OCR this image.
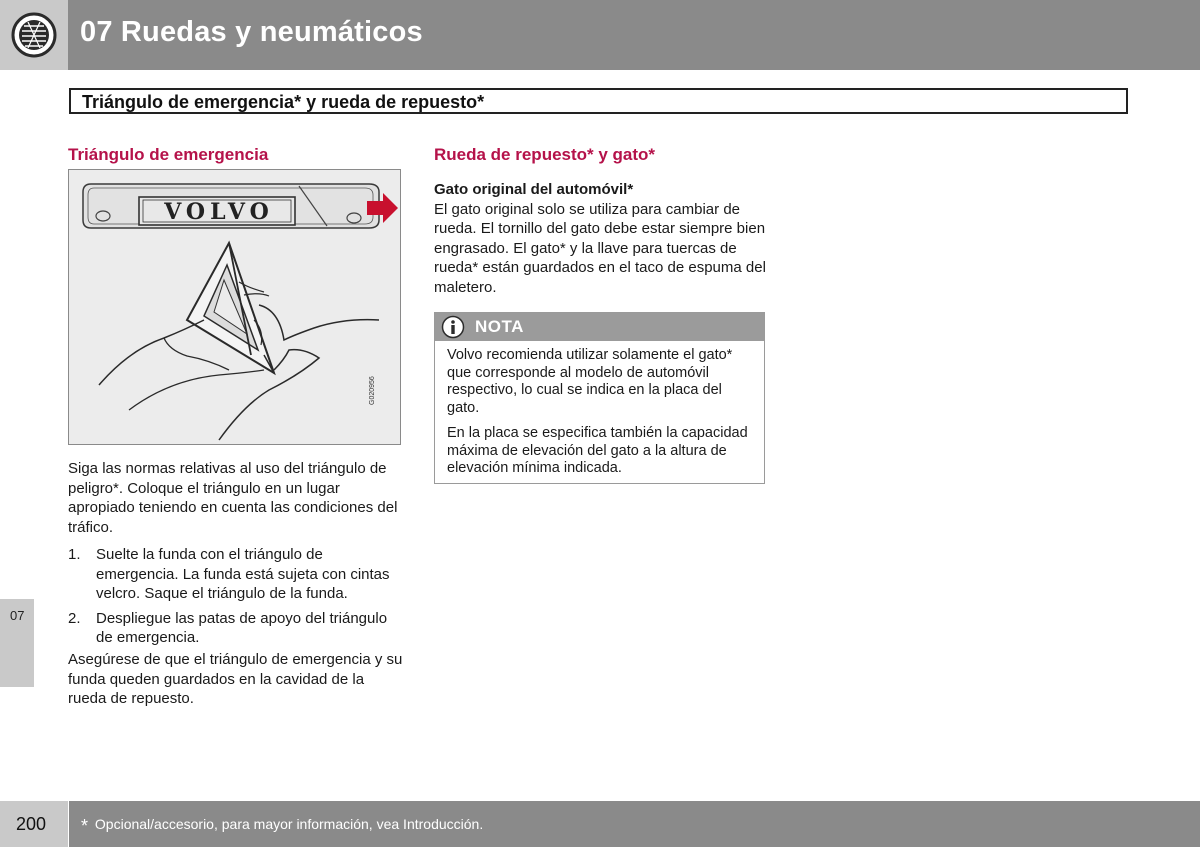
07 Ruedas y neumáticos
Triángulo de emergencia* y rueda de repuesto*
Triángulo de emergencia
VOLVO
G020956

Siga las normas relativas al uso del triángulo de peligro*. Coloque el triángulo en un lugar apropiado teniendo en cuenta las condiciones del tráfico.

1. Suelte la funda con el triángulo de emergencia. La funda está sujeta con cintas velcro. Saque el triángulo de la funda.
2. Despliegue las patas de apoyo del triángulo de emergencia.

Asegúrese de que el triángulo de emergencia y su funda queden guardados en la cavidad de la rueda de repuesto.

Rueda de repuesto* y gato*

Gato original del automóvil*

El gato original solo se utiliza para cambiar de rueda. El tornillo del gato debe estar siempre bien engrasado. El gato* y la llave para tuercas de rueda* están guardados en el taco de espuma del maletero.

NOTA

Volvo recomienda utilizar solamente el gato* que corresponde al modelo de automóvil respectivo, lo cual se indica en la placa del gato.

En la placa se especifica también la capacidad máxima de elevación del gato a la altura de elevación mínima indicada.

07
200 * Opcional/accesorio, para mayor información, vea Introducción.
